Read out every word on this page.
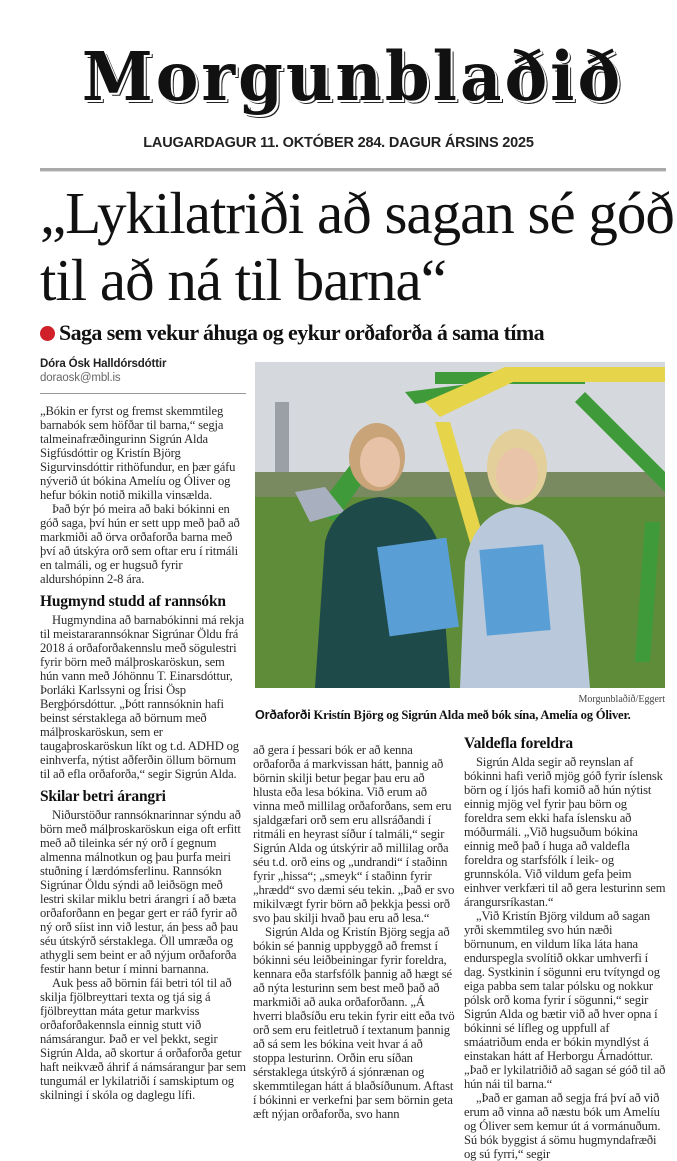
Morgunblaðið
LAUGARDAGUR 11. OKTÓBER 284. DAGUR ÁRSINS 2025
„Lykilatriði að sagan sé góð til að ná til barna“
Saga sem vekur áhuga og eykur orðaforða á sama tíma
Dóra Ósk Halldórsdóttir
doraosk@mbl.is

„Bókin er fyrst og fremst skemmtileg barnabók sem höfðar til barna,“ segja talmeinafræðingurinn Sigrún Alda Sigfúsdóttir og Kristín Björg Sigurvinsdóttir rithöfundur, en þær gáfu nýverið út bókina Amelíu og Óliver og hefur bókin notið mikilla vinsælda.

Það býr þó meira að baki bókinni en góð saga, því hún er sett upp með það að markmiði að örva orðaforða barna með því að útskýra orð sem oftar eru í ritmáli en talmáli, og er hugsuð fyrir aldurshópinn 2-8 ára.

Hugmynd studd af rannsókn

Hugmyndina að barnabókinni má rekja til meistararannsóknar Sigrúnar Öldu frá 2018 á orðaforðakennslu með sögulestri fyrir börn með málþroskaröskun, sem hún vann með Jóhönnu T. Einarsdóttur, Þorláki Karlssyni og Írisi Ösp Bergþórsdóttur. „Þótt rannsóknin hafi beinst sérstaklega að börnum með málþroskaröskun, sem er taugaþroskaröskun líkt og t.d. ADHD og einhverfa, nýtist aðferðin öllum börnum til að efla orðaforða,“ segir Sigrún Alda.

Skilar betri árangri

Niðurstöður rannsóknarinnar sýndu að börn með málþroskaröskun eiga oft erfitt með að tileinka sér ný orð í gegnum almenna málnotkun og þau þurfa meiri stuðning í lærdómsferlinu. Rannsókn Sigrúnar Öldu sýndi að leiðsögn með lestri skilar miklu betri árangri í að bæta orðaforðann en þegar gert er ráð fyrir að ný orð síist inn við lestur, án þess að þau séu útskýrð sérstaklega. Öll umræða og athygli sem beint er að nýjum orðaforða festir hann betur í minni barnanna.

Auk þess að börnin fái betri tól til að skilja fjölbreyttari texta og tjá sig á fjölbreyttan máta getur markviss orðaforðakennsla einnig stutt við námsárangur. Það er vel þekkt, segir Sigrún Alda, að skortur á orðaforða getur haft neikvæð áhrif á námsárangur þar sem tungumál er lykilatriði í samskiptum og skilningi í skóla og daglegu lífi.

Morgunblaðið/Eggert
Orðaforði Kristín Björg og Sigrún Alda með bók sína, Amelía og Óliver.

að gera í þessari bók er að kenna orðaforða á markvissan hátt, þannig að börnin skilji betur þegar þau eru að hlusta eða lesa bókina. Við erum að vinna með millilag orðaforðans, sem eru sjaldgæfari orð sem eru allsráðandi í ritmáli en heyrast síður í talmáli,“ segir Sigrún Alda og útskýrir að millilag orða séu t.d. orð eins og „undrandi“ í staðinn fyrir „hissa“; „smeyk“ í staðinn fyrir „hrædd“ svo dæmi séu tekin. „Það er svo mikilvægt fyrir börn að þekkja þessi orð svo þau skilji hvað þau eru að lesa.“

Sigrún Alda og Kristín Björg segja að bókin sé þannig uppbyggð að fremst í bókinni séu leiðbeiningar fyrir foreldra, kennara eða starfsfólk þannig að hægt sé að nýta lesturinn sem best með það að markmiði að auka orðaforðann. „Á hverri blaðsíðu eru tekin fyrir eitt eða tvö orð sem eru feitletruð í textanum þannig að sá sem les bókina veit hvar á að stoppa lesturinn. Orðin eru síðan sérstaklega útskýrð á sjónrænan og skemmtilegan hátt á blaðsíðunum. Aftast í bókinni er verkefni þar sem börnin geta æft nýjan orðaforða, svo hann

Valdefla foreldra

Sigrún Alda segir að reynslan af bókinni hafi verið mjög góð fyrir íslensk börn og í ljós hafi komið að hún nýtist einnig mjög vel fyrir þau börn og foreldra sem ekki hafa íslensku að móðurmáli. „Við hugsuðum bókina einnig með það í huga að valdefla foreldra og starfsfólk í leik- og grunnskóla. Við vildum gefa þeim einhver verkfæri til að gera lesturinn sem árangursríkastan.“

„Við Kristín Björg vildum að sagan yrði skemmtileg svo hún næði börnunum, en vildum líka láta hana endurspegla svolítið okkar umhverfi í dag. Systkinin í sögunni eru tvítyngd og eiga pabba sem talar pólsku og nokkur pólsk orð koma fyrir í sögunni,“ segir Sigrún Alda og bætir við að hver opna í bókinni sé lífleg og uppfull af smáatriðum enda er bókin myndlýst á einstakan hátt af Herborgu Árnadóttur. „Það er lykilatriðið að sagan sé góð til að hún nái til barna.“

„Það er gaman að segja frá því að við erum að vinna að næstu bók um Amelíu og Óliver sem kemur út á vormánuðum. Sú bók byggist á sömu hugmyndafræði og sú fyrri,“ segir
